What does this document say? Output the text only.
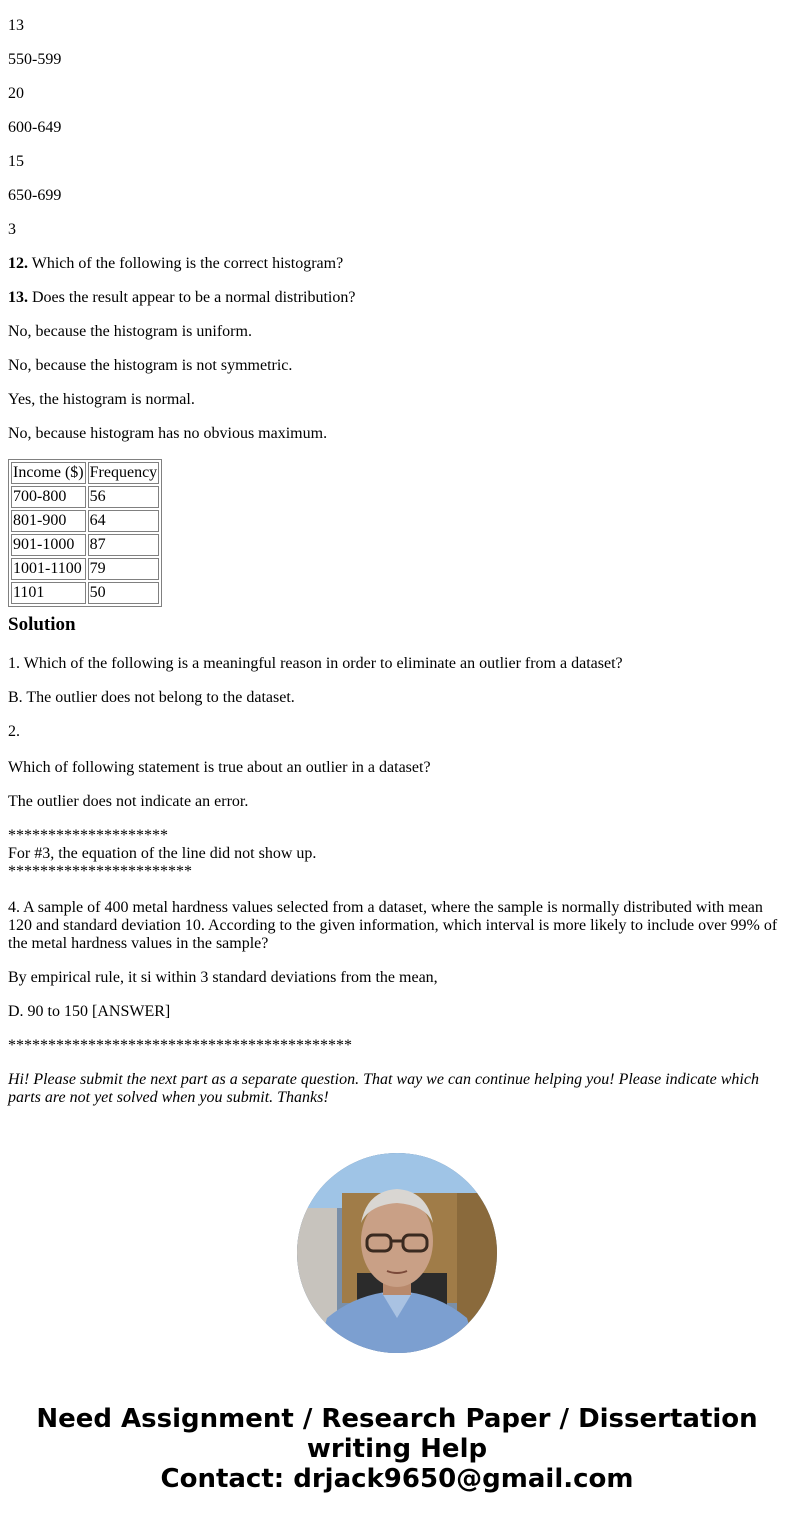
13

550-599

20

600-649

15

650-699

3

12. Which of the following is the correct histogram?

13. Does the result appear to be a normal distribution?

No, because the histogram is uniform.

No, because the histogram is not symmetric.

Yes, the histogram is normal.

No, because histogram has no obvious maximum.

Income ($)	Frequency
700-800	56
801-900	64
901-1000	87
1001-1100	79
1101	50
Solution

1. Which of the following is a meaningful reason in order to eliminate an outlier from a dataset?

B. The outlier does not belong to the dataset.

2.

Which of following statement is true about an outlier in a dataset?

The outlier does not indicate an error.

********************

For #3, the equation of the line did not show up.

***********************

4. A sample of 400 metal hardness values selected from a dataset, where the sample is normally distributed with mean 120 and standard deviation 10. According to the given information, which interval is more likely to include over 99% of the metal hardness values in the sample?

By empirical rule, it si within 3 standard deviations from the mean,

D. 90 to 150 [ANSWER]

*******************************************

Hi! Please submit the next part as a separate question. That way we can continue helping you! Please indicate which parts are not yet solved when you submit. Thanks!

Need Assignment / Research Paper / Dissertation
writing Help
Contact: drjack9650@gmail.com
